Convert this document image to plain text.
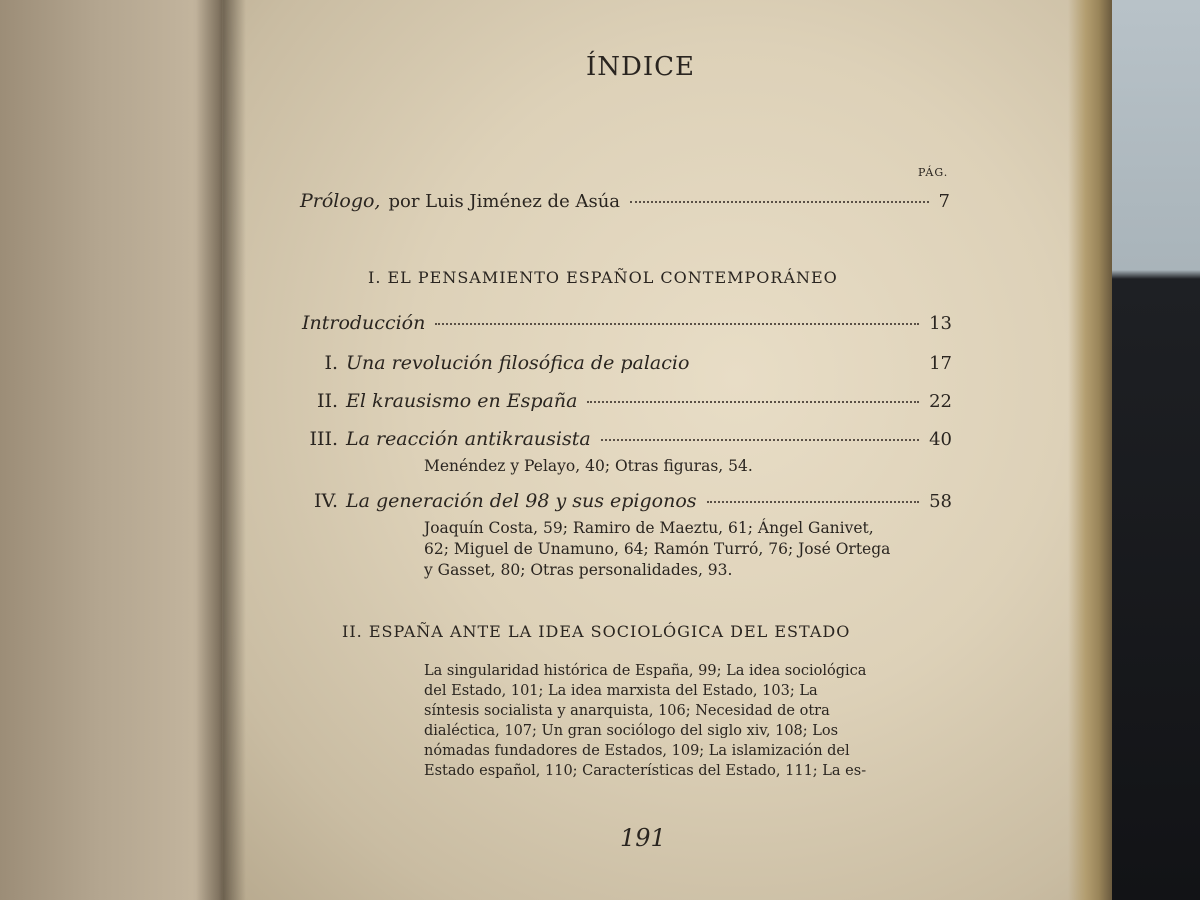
ÍNDICE
PÁG.
Prólogo, por Luis Jiménez de Asúa	7
I. EL PENSAMIENTO ESPAÑOL CONTEMPORÁNEO
Introducción	13
I. Una revolución filosófica de palacio	17
II. El krausismo en España	22
III. La reacción antikrausista	40
Menéndez y Pelayo, 40; Otras figuras, 54.
IV. La generación del 98 y sus epigonos	58
Joaquín Costa, 59; Ramiro de Maeztu, 61; Ángel Ganivet,
62; Miguel de Unamuno, 64; Ramón Turró, 76; José Ortega
y Gasset, 80; Otras personalidades, 93.
II. ESPAÑA ANTE LA IDEA SOCIOLÓGICA DEL ESTADO
La singularidad histórica de España, 99; La idea sociológica
del Estado, 101; La idea marxista del Estado, 103; La
síntesis socialista y anarquista, 106; Necesidad de otra
dialéctica, 107; Un gran sociólogo del siglo xiv, 108; Los
nómadas fundadores de Estados, 109; La islamización del
Estado español, 110; Características del Estado, 111; La es-
191
